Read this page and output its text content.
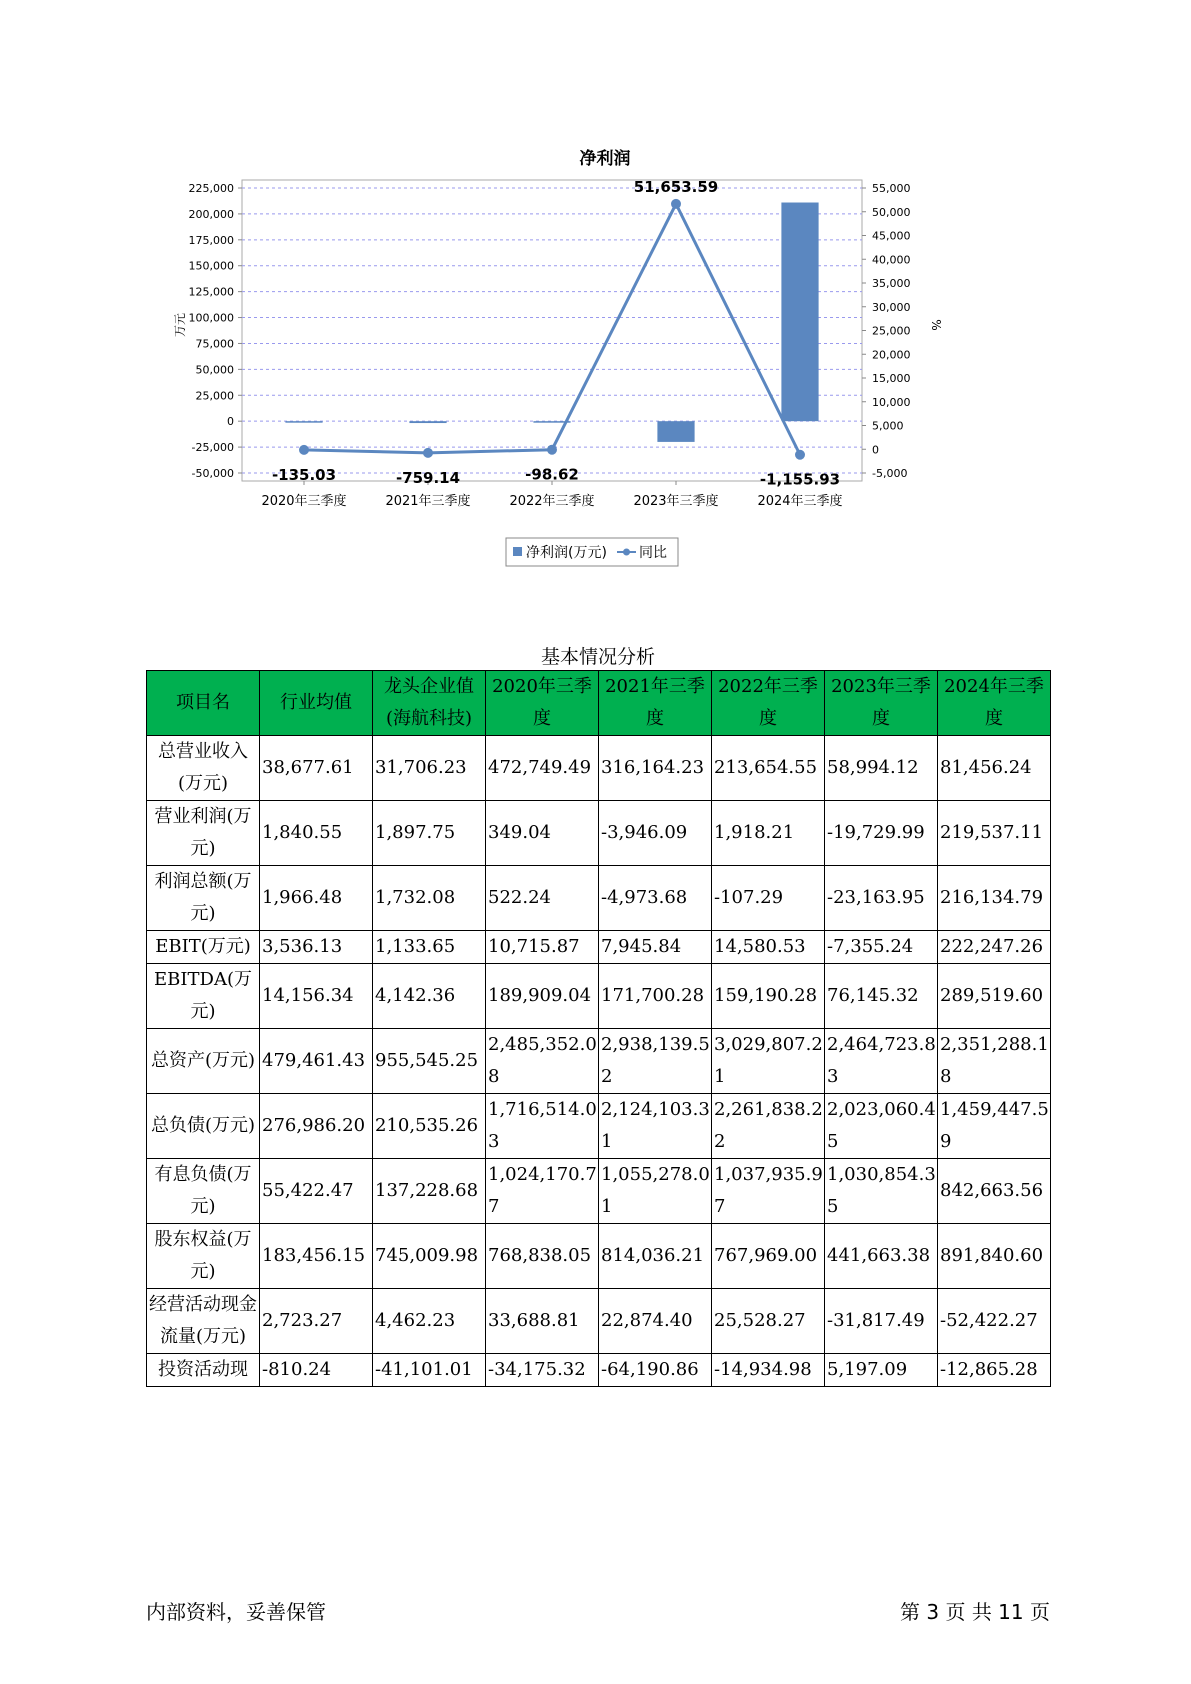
净利润
225,000
200,000
175,000
150,000
125,000
100,000
75,000
50,000
25,000
0
-25,000
-50,000
55,000
50,000
45,000
40,000
35,000
30,000
25,000
20,000
15,000
10,000
5,000
0
-5,000
2020年三季度	2021年三季度	2022年三季度	2023年三季度	2024年三季度
-135.03	-759.14	-98.62
51,653.59
-1,155.93
万元	%
净利润(万元) 同比
基本情况分析
项目名	行业均值	龙头企业值(海航科技)	2020年三季度	2021年三季度	2022年三季度	2023年三季度	2024年三季度
总营业收入(万元)	38,677.61	31,706.23	472,749.49	316,164.23	213,654.55	58,994.12	81,456.24
营业利润(万元)	1,840.55	1,897.75	349.04	-3,946.09	1,918.21	-19,729.99	219,537.11
利润总额(万元)	1,966.48	1,732.08	522.24	-4,973.68	-107.29	-23,163.95	216,134.79
EBIT(万元)	3,536.13	1,133.65	10,715.87	7,945.84	14,580.53	-7,355.24	222,247.26
EBITDA(万元)	14,156.34	4,142.36	189,909.04	171,700.28	159,190.28	76,145.32	289,519.60
总资产(万元)	479,461.43	955,545.25	2,485,352.08	2,938,139.52	3,029,807.21	2,464,723.83	2,351,288.18
总负债(万元)	276,986.20	210,535.26	1,716,514.03	2,124,103.31	2,261,838.22	2,023,060.45	1,459,447.59
有息负债(万元)	55,422.47	137,228.68	1,024,170.77	1,055,278.01	1,037,935.97	1,030,854.35	842,663.56
股东权益(万元)	183,456.15	745,009.98	768,838.05	814,036.21	767,969.00	441,663.38	891,840.60
经营活动现金流量(万元)	2,723.27	4,462.23	33,688.81	22,874.40	25,528.27	-31,817.49	-52,422.27
投资活动现	-810.24	-41,101.01	-34,175.32	-64,190.86	-14,934.98	5,197.09	-12,865.28
内部资料，妥善保管	第 3 页 共 11 页
